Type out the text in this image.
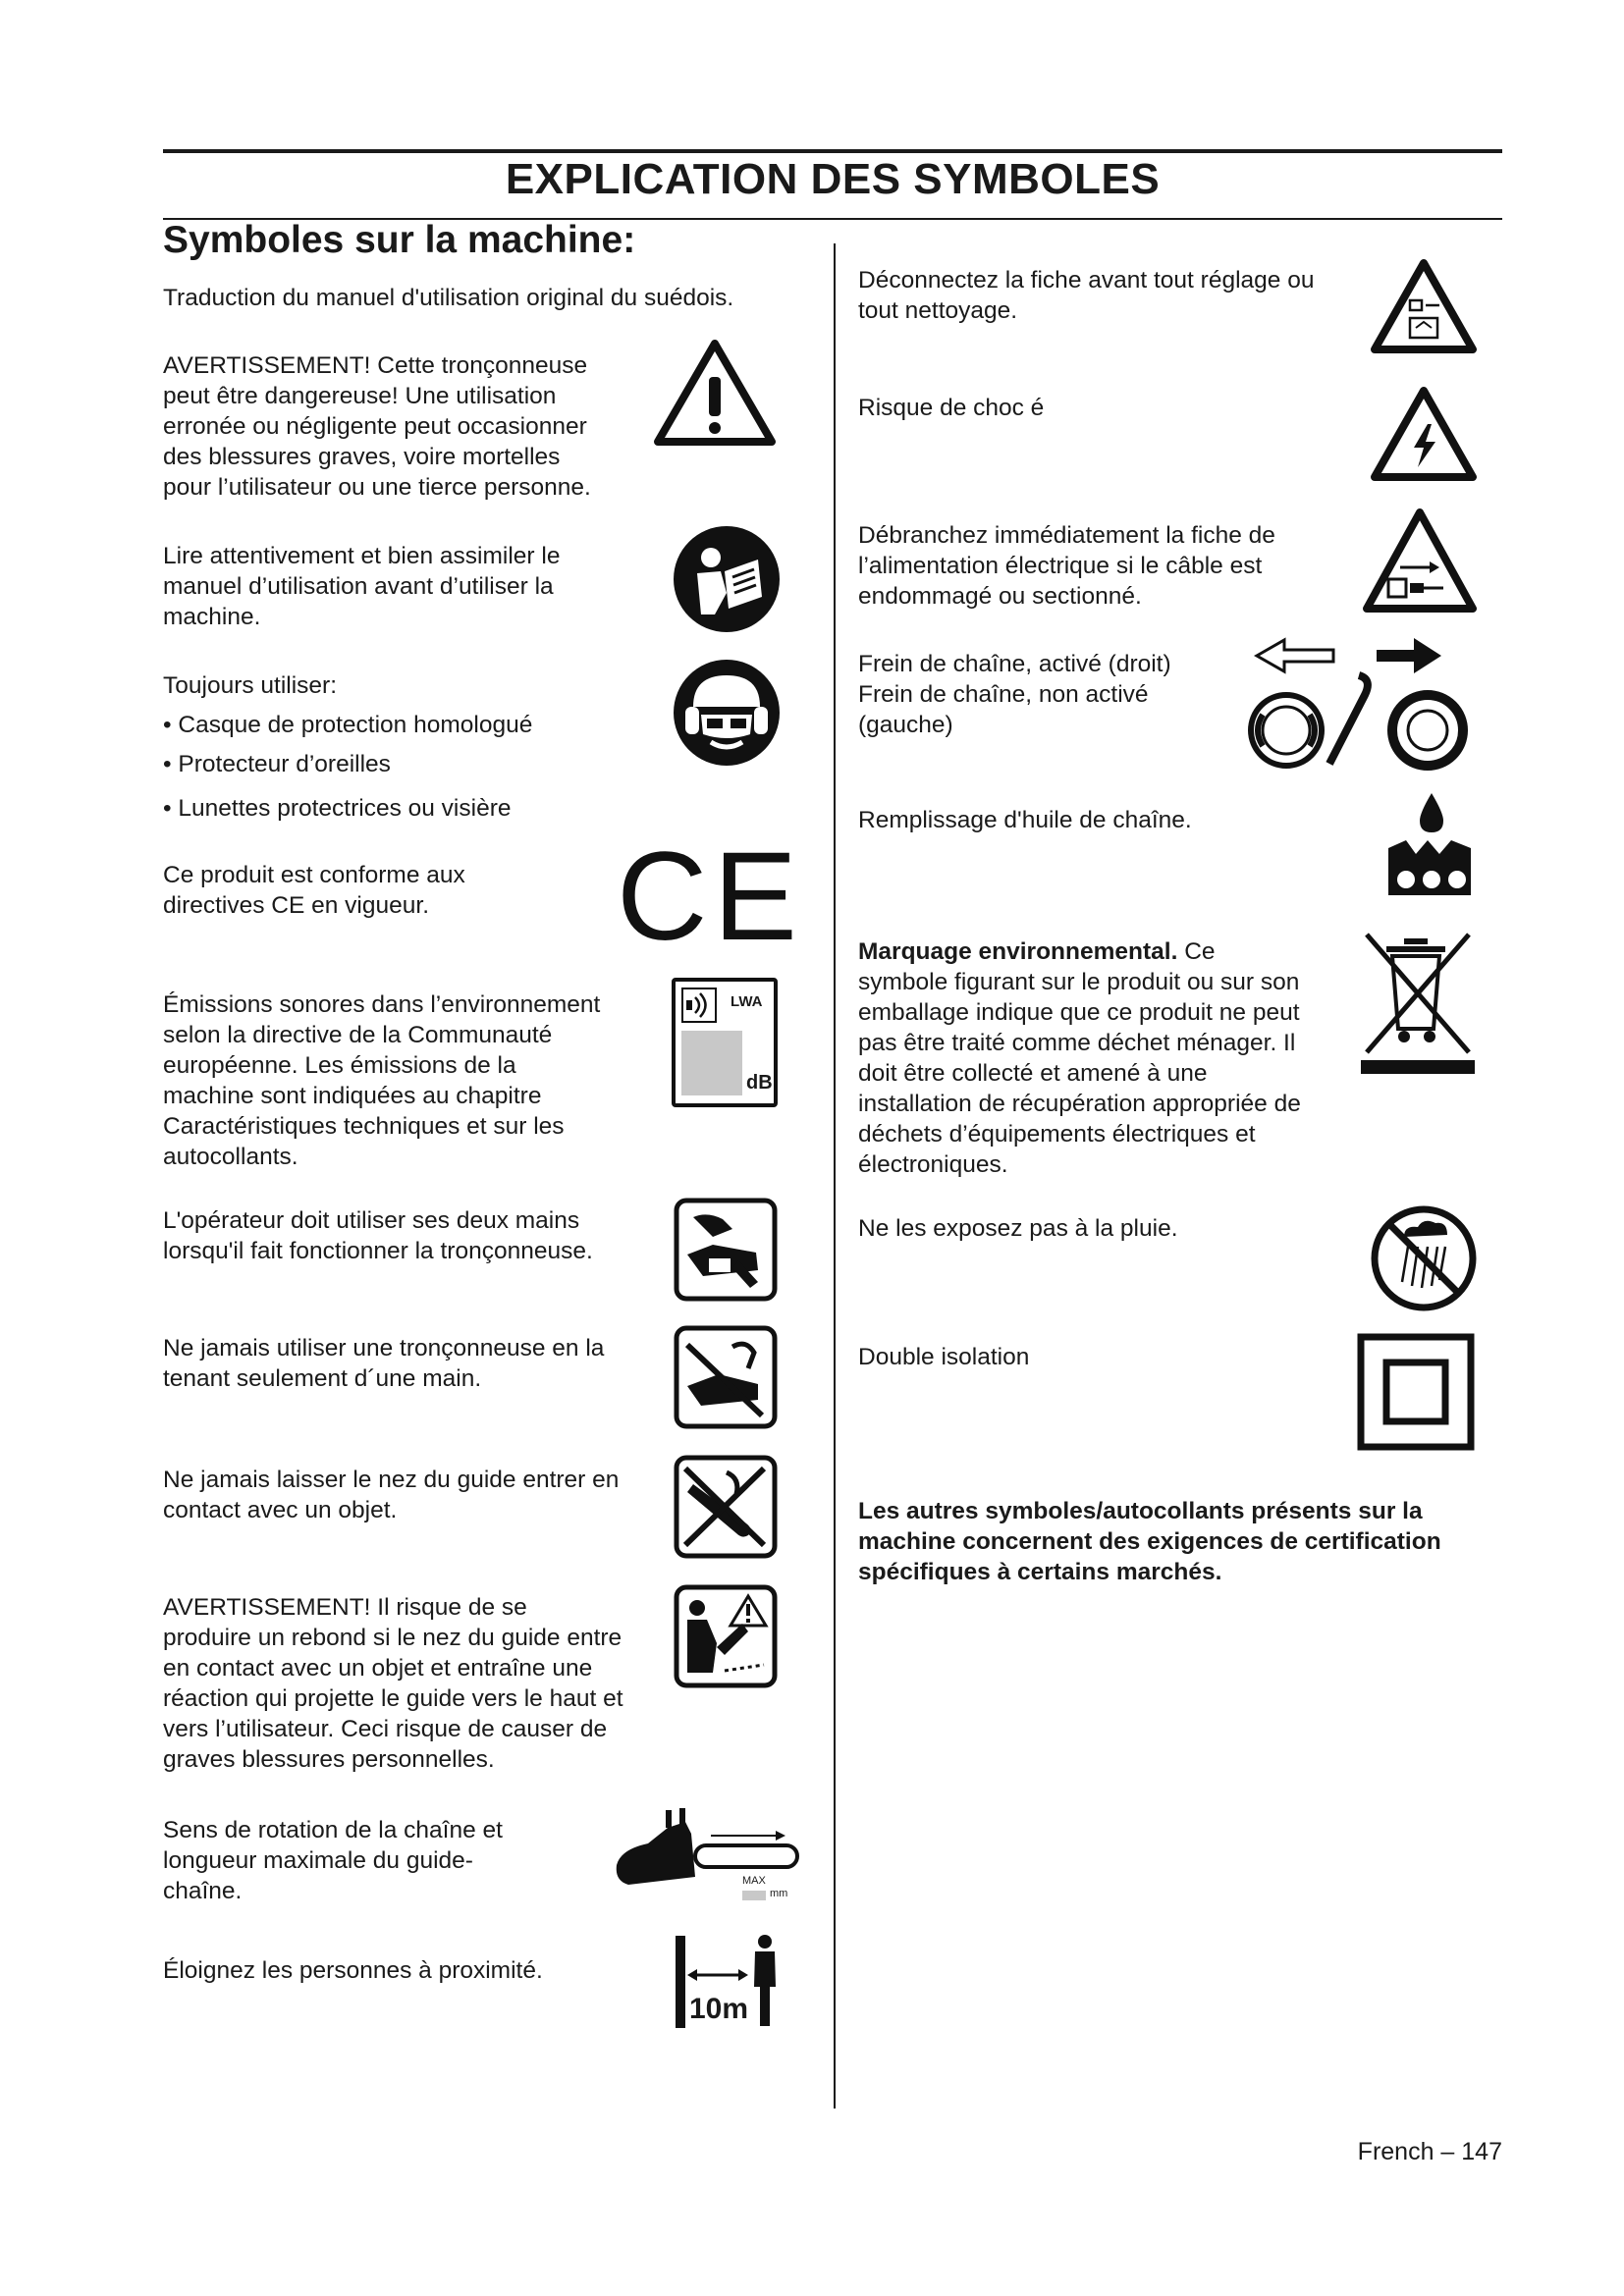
EXPLICATION DES SYMBOLES
Symboles sur la machine:
Traduction du manuel d'utilisation original du suédois.
AVERTISSEMENT! Cette tronçonneuse
peut être dangereuse! Une utilisation
erronée ou négligente peut occasionner
des blessures graves, voire mortelles
pour l’utilisateur ou une tierce personne.
Lire attentivement et bien assimiler le
manuel d’utilisation avant d’utiliser la
machine.
Toujours utiliser:
• Casque de protection homologué
• Protecteur d’oreilles
• Lunettes protectrices ou visière
Ce produit est conforme aux
directives CE en vigueur.	CE
Émissions sonores dans l’environnement
selon la directive de la Communauté
européenne. Les émissions de la
machine sont indiquées au chapitre
Caractéristiques techniques et sur les
autocollants.
LWA
dB
L'opérateur doit utiliser ses deux mains
lorsqu'il fait fonctionner la tronçonneuse.
Ne jamais utiliser une tronçonneuse en la
tenant seulement d´une main.
Ne jamais laisser le nez du guide entrer en
contact avec un objet.
AVERTISSEMENT! Il risque de se
produire un rebond si le nez du guide entre
en contact avec un objet et entraîne une
réaction qui projette le guide vers le haut et
vers l’utilisateur. Ceci risque de causer de
graves blessures personnelles.
Sens de rotation de la chaîne et
longueur maximale du guide-
chaîne.	MAX
mm
Éloignez les personnes à proximité.
10m
Déconnectez la fiche avant tout réglage ou
tout nettoyage.
Risque de choc é
Débranchez immédiatement la fiche de
l’alimentation électrique si le câble est
endommagé ou sectionné.
Frein de chaîne, activé (droit)
Frein de chaîne, non activé
(gauche)
Remplissage d'huile de chaîne.
Marquage environnemental. Ce
symbole figurant sur le produit ou sur son
emballage indique que ce produit ne peut
pas être traité comme déchet ménager. Il
doit être collecté et amené à une
installation de récupération appropriée de
déchets d’équipements électriques et
électroniques.
Ne les exposez pas à la pluie.
Double isolation
Les autres symboles/autocollants présents sur la
machine concernent des exigences de certification
spécifiques à certains marchés.
French – 147
